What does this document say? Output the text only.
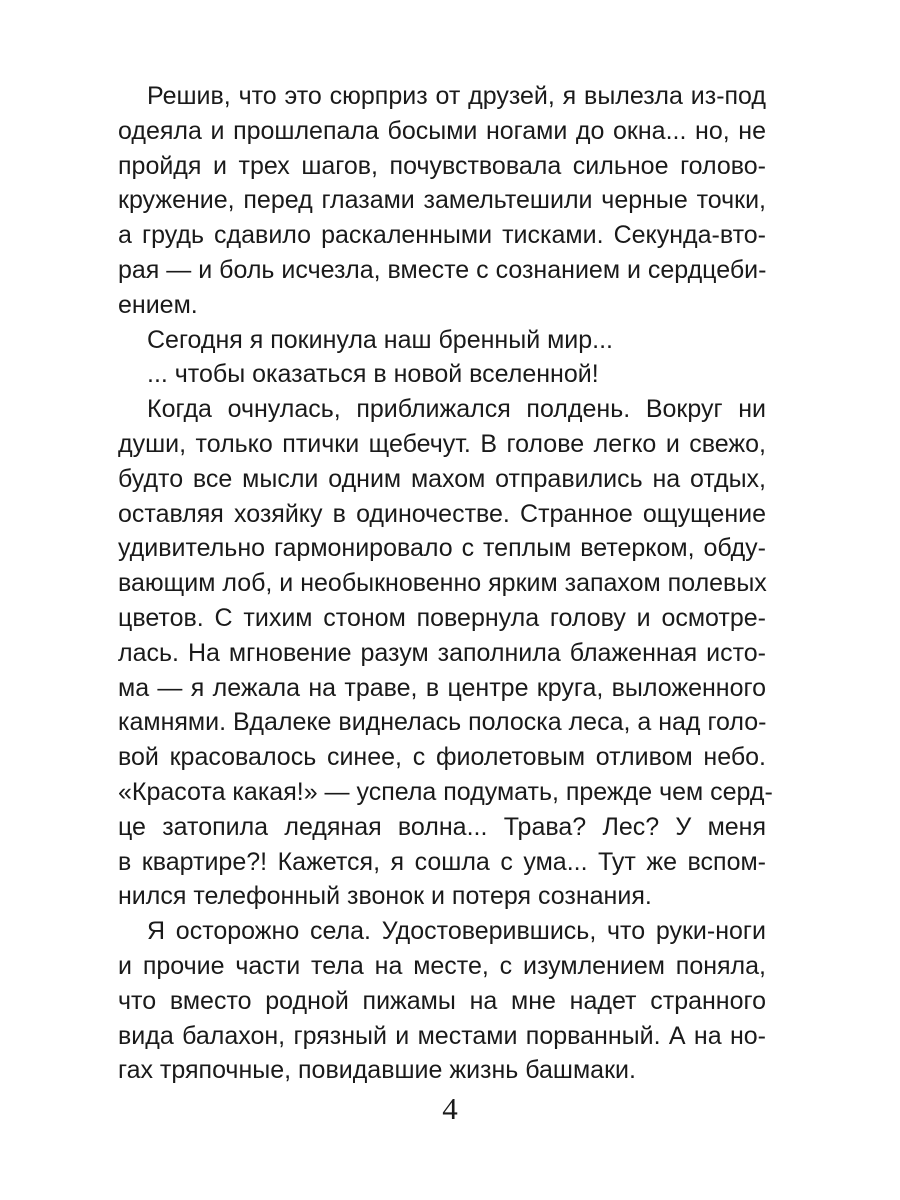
Решив, что это сюрприз от друзей, я вылезла из-под
одеяла и прошлепала босыми ногами до окна... но, не
пройдя и трех шагов, почувствовала сильное голово-
кружение, перед глазами замельтешили черные точки,
а грудь сдавило раскаленными тисками. Секунда-вто-
рая — и боль исчезла, вместе с сознанием и сердцеби-
ением.
Сегодня я покинула наш бренный мир...
... чтобы оказаться в новой вселенной!
Когда очнулась, приближался полдень. Вокруг ни
души, только птички щебечут. В голове легко и свежо,
будто все мысли одним махом отправились на отдых,
оставляя хозяйку в одиночестве. Странное ощущение
удивительно гармонировало с теплым ветерком, обду-
вающим лоб, и необыкновенно ярким запахом полевых
цветов. С тихим стоном повернула голову и осмотре-
лась. На мгновение разум заполнила блаженная исто-
ма — я лежала на траве, в центре круга, выложенного
камнями. Вдалеке виднелась полоска леса, а над голо-
вой красовалось синее, с фиолетовым отливом небо.
«Красота какая!» — успела подумать, прежде чем серд-
це затопила ледяная волна... Трава? Лес? У меня
в квартире?! Кажется, я сошла с ума... Тут же вспом-
нился телефонный звонок и потеря сознания.
Я осторожно села. Удостоверившись, что руки-ноги
и прочие части тела на месте, с изумлением поняла,
что вместо родной пижамы на мне надет странного
вида балахон, грязный и местами порванный. А на но-
гах тряпочные, повидавшие жизнь башмаки.
4
